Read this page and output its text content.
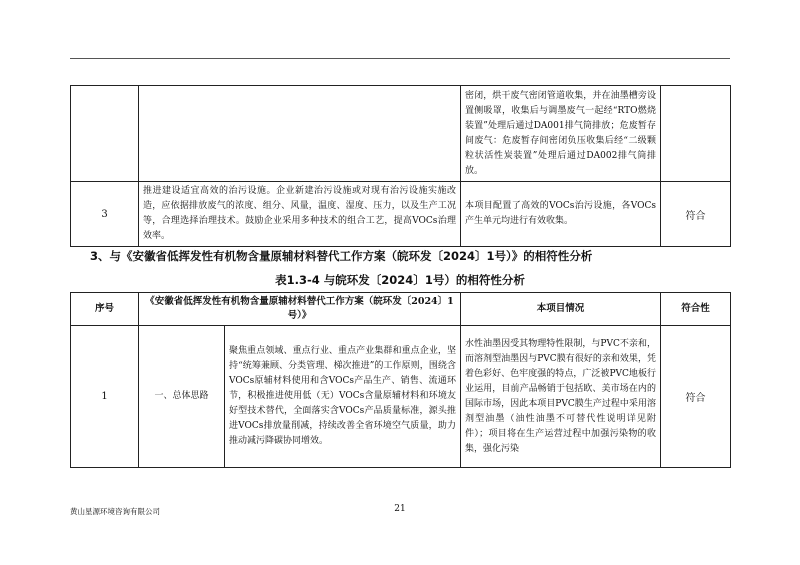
		密闭，烘干废气密闭管道收集，并在油墨槽旁设置侧吸罩，收集后与调墨废气一起经“RTO燃烧装置”处理后通过DA001排气筒排放；危废暂存间废气：危废暂存间密闭负压收集后经“二级颗粒状活性炭装置”处理后通过DA002排气筒排放。	
3	推进建设适宜高效的治污设施。企业新建治污设施或对现有治污设施实施改造，应依据排放废气的浓度、组分、风量，温度、湿度、压力，以及生产工况等，合理选择治理技术。鼓励企业采用多种技术的组合工艺，提高VOCs治理效率。	本项目配置了高效的VOCs治污设施，各VOCs产生单元均进行有效收集。	符合
3、与《安徽省低挥发性有机物含量原辅材料替代工作方案（皖环发〔2024〕1号）》的相符性分析
表1.3-4 与皖环发〔2024〕1号）的相符性分析
序号	《安徽省低挥发性有机物含量原辅材料替代工作方案（皖环发〔2024〕1号）》		本项目情况	符合性
1	一、总体思路	聚焦重点领域、重点行业、重点产业集群和重点企业，坚持“统筹兼顾、分类管理、梯次推进”的工作原则，围绕含VOCs原辅材料使用和含VOCs产品生产、销售、流通环节，积极推进使用低（无）VOCs含量原辅材料和环境友好型技术替代，全面落实含VOCs产品质量标准，源头推进VOCs排放量削减，持续改善全省环境空气质量，助力推动减污降碳协同增效。	水性油墨因受其物理特性限制，与PVC不亲和，而溶剂型油墨因与PVC膜有很好的亲和效果，凭着色彩好、色牢度强的特点，广泛被PVC地板行业运用，目前产品畅销于包括欧、美市场在内的国际市场，因此本项目PVC膜生产过程中采用溶剂型油墨（油性油墨不可替代性说明详见附件）；项目将在生产运营过程中加强污染物的收集，强化污染	符合
黄山星源环境咨询有限公司	21
